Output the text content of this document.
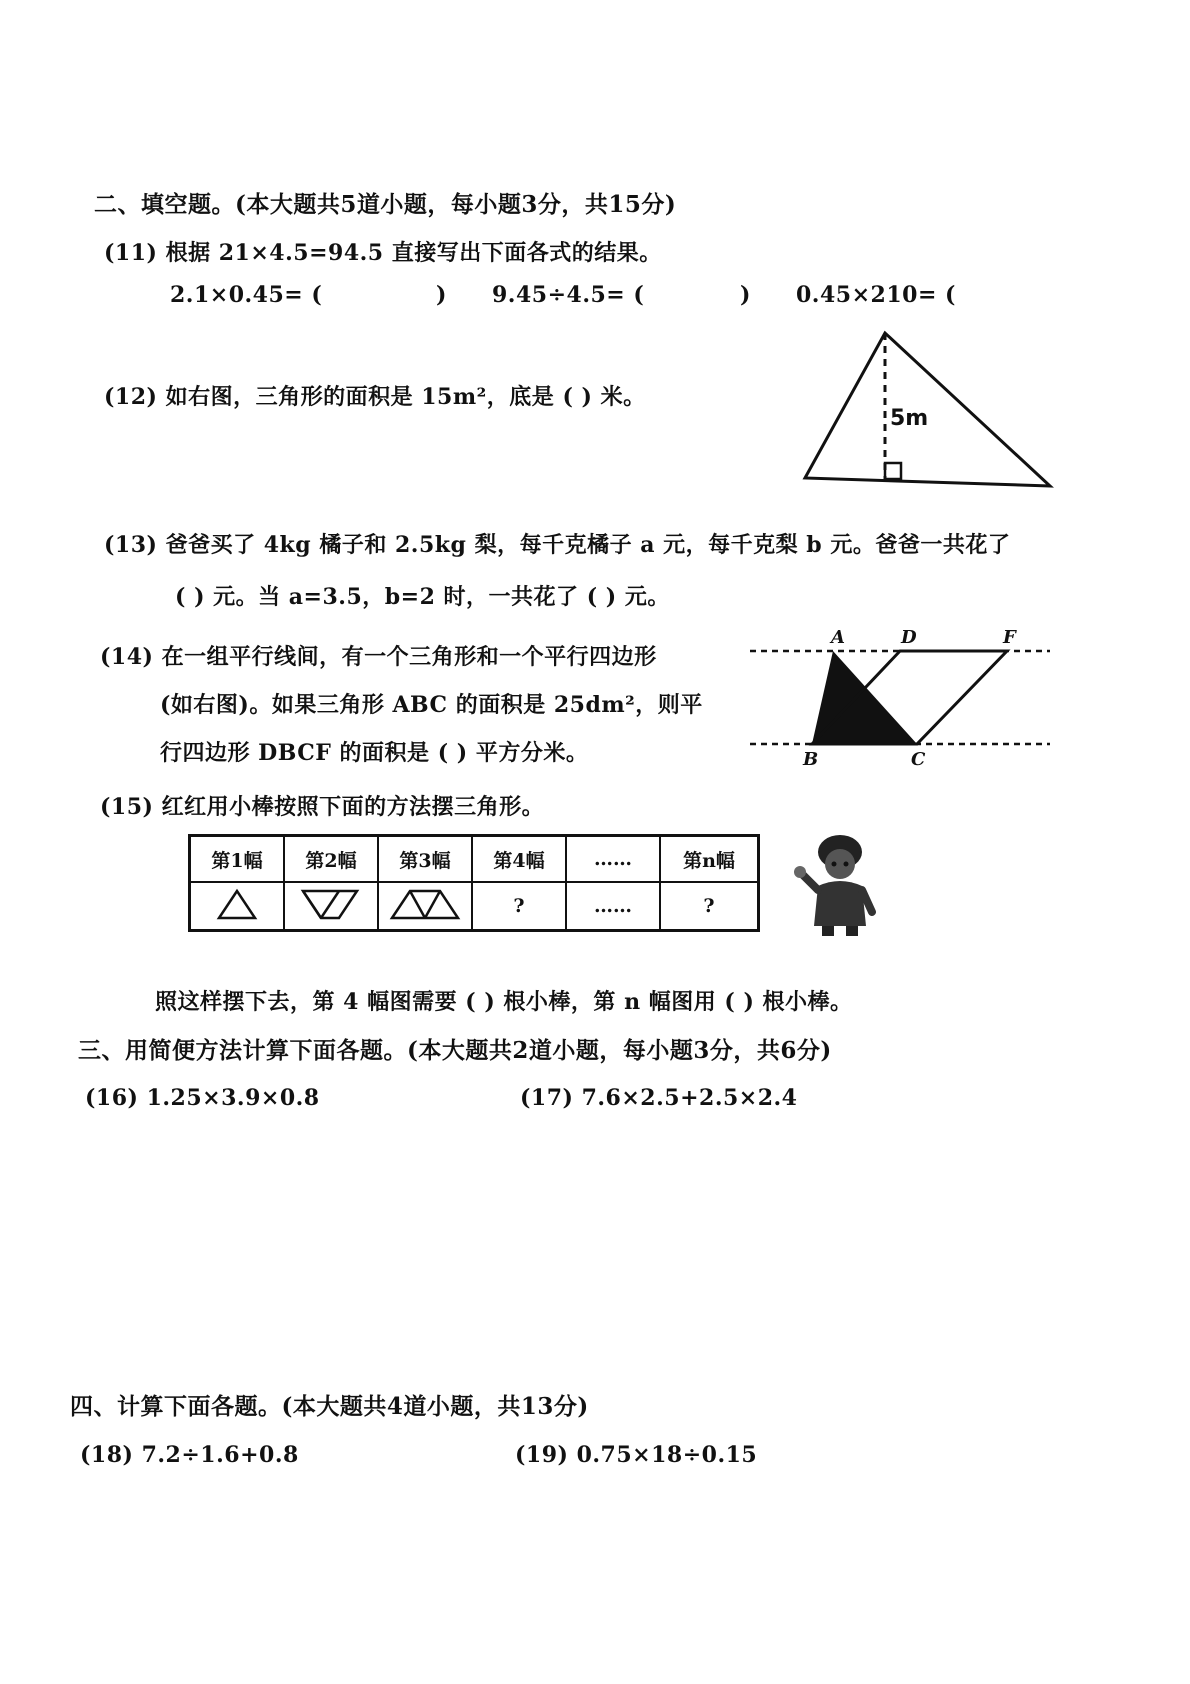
二、填空题。(本大题共5道小题，每小题3分，共15分)
(11) 根据 21×4.5=94.5 直接写出下面各式的结果。
2.1×0.45= (	) 9.45÷4.5= (	) 0.45×210= (
(12) 如右图，三角形的面积是 15m²，底是 ( ) 米。
5m
(13) 爸爸买了 4kg 橘子和 2.5kg 梨，每千克橘子 a 元，每千克梨 b 元。爸爸一共花了
( ) 元。当 a=3.5，b=2 时，一共花了 ( ) 元。
(14) 在一组平行线间，有一个三角形和一个平行四边形
(如右图)。如果三角形 ABC 的面积是 25dm²，则平
行四边形 DBCF 的面积是 ( ) 平方分米。
A	D	F
B	C
(15) 红红用小棒按照下面的方法摆三角形。
第1幅	第2幅	第3幅	第4幅	……	第n幅
			?	……	?
照这样摆下去，第 4 幅图需要 ( ) 根小棒，第 n 幅图用 ( ) 根小棒。
三、用简便方法计算下面各题。(本大题共2道小题，每小题3分，共6分)
(16) 1.25×3.9×0.8	(17) 7.6×2.5+2.5×2.4
四、计算下面各题。(本大题共4道小题，共13分)
(18) 7.2÷1.6+0.8	(19) 0.75×18÷0.15
